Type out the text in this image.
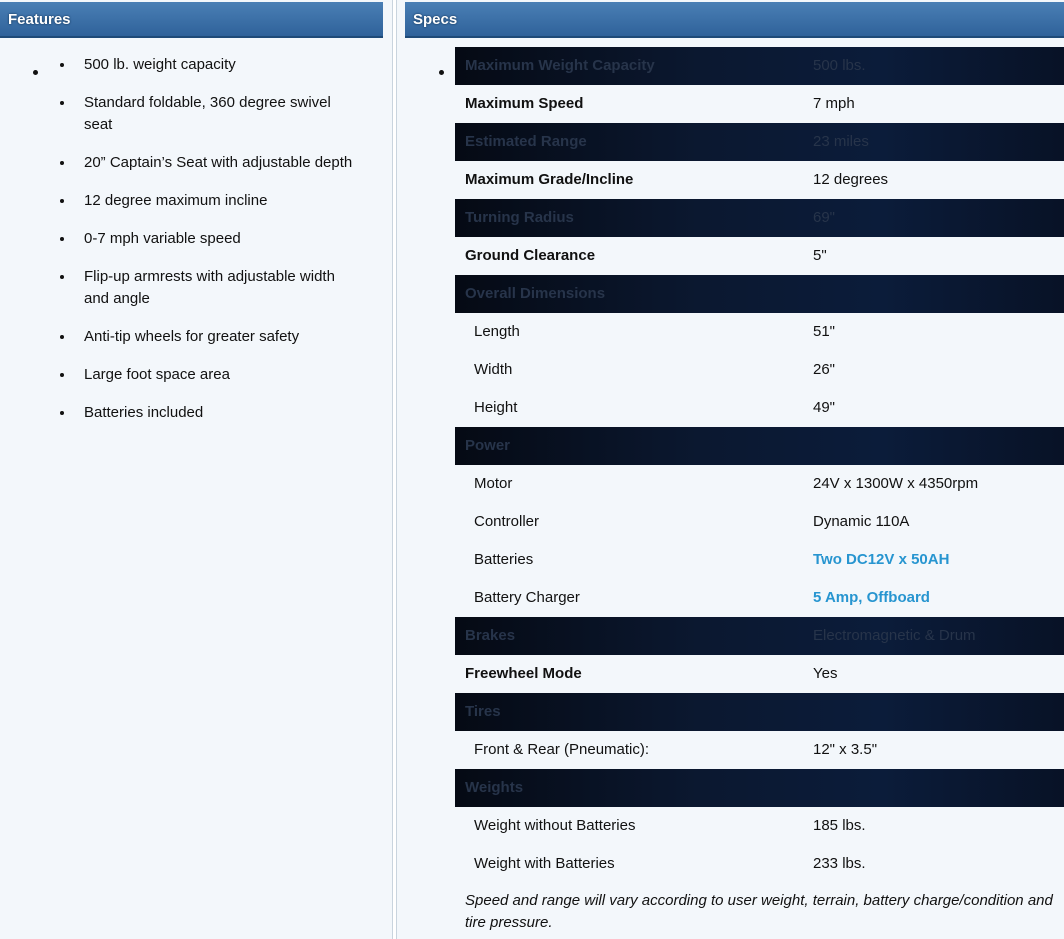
Features
500 lb. weight capacity
Standard foldable, 360 degree swivel seat
20” Captain’s Seat with adjustable depth
12 degree maximum incline
0-7 mph variable speed
Flip-up armrests with adjustable width and angle
Anti-tip wheels for greater safety
Large foot space area
Batteries included
Specs
Maximum Weight Capacity	500 lbs.
Maximum Speed	7 mph
Estimated Range	23 miles
Maximum Grade/Incline	12 degrees
Turning Radius	69"
Ground Clearance	5"
Overall Dimensions
Length	51"
Width	26"
Height	49"
Power
Motor	24V x 1300W x 4350rpm
Controller	Dynamic 110A
Batteries	Two DC12V x 50AH
Battery Charger	5 Amp, Offboard
Brakes	Electromagnetic & Drum
Freewheel Mode	Yes
Tires
Front & Rear (Pneumatic):	12" x 3.5"
Weights
Weight without Batteries	185 lbs.
Weight with Batteries	233 lbs.
Speed and range will vary according to user weight, terrain, battery charge/condition and tire pressure.
